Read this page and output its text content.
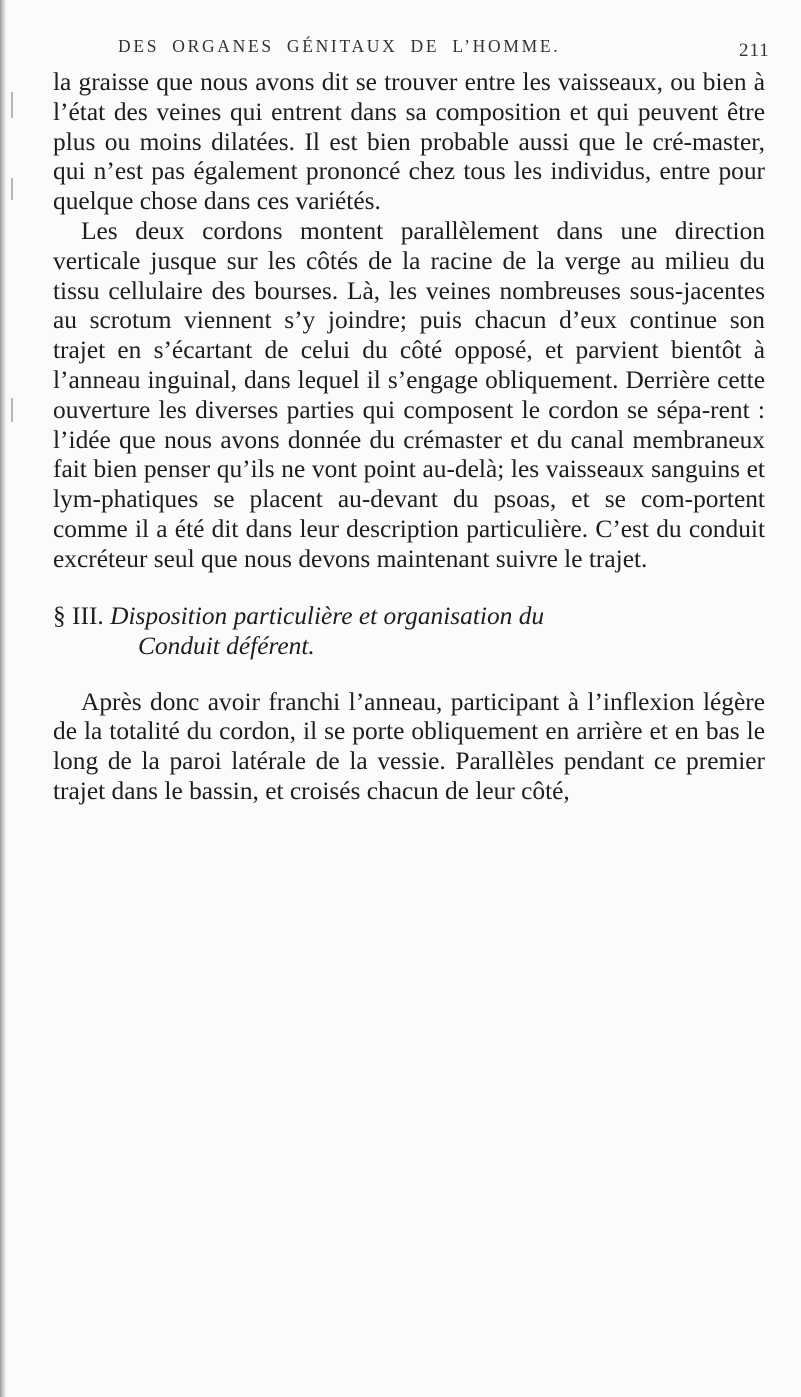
DES ORGANES GÉNITAUX DE L’HOMME.	211

la graisse que nous avons dit se trouver entre les vaisseaux, ou bien à l’état des veines qui entrent dans sa composition et qui peuvent être plus ou moins dilatées. Il est bien probable aussi que le cré-master, qui n’est pas également prononcé chez tous les individus, entre pour quelque chose dans ces variétés.

Les deux cordons montent parallèlement dans une direction verticale jusque sur les côtés de la racine de la verge au milieu du tissu cellulaire des bourses. Là, les veines nombreuses sous-jacentes au scrotum viennent s’y joindre; puis chacun d’eux continue son trajet en s’écartant de celui du côté opposé, et parvient bientôt à l’anneau inguinal, dans lequel il s’engage obliquement. Derrière cette ouverture les diverses parties qui composent le cordon se sépa-rent : l’idée que nous avons donnée du crémaster et du canal membraneux fait bien penser qu’ils ne vont point au-delà; les vaisseaux sanguins et lym-phatiques se placent au-devant du psoas, et se com-portent comme il a été dit dans leur description particulière. C’est du conduit excréteur seul que nous devons maintenant suivre le trajet.

§ III. Disposition particulière et organisation du
Conduit déférent.

Après donc avoir franchi l’anneau, participant à l’inflexion légère de la totalité du cordon, il se porte obliquement en arrière et en bas le long de la paroi latérale de la vessie. Parallèles pendant ce premier trajet dans le bassin, et croisés chacun de leur côté,
